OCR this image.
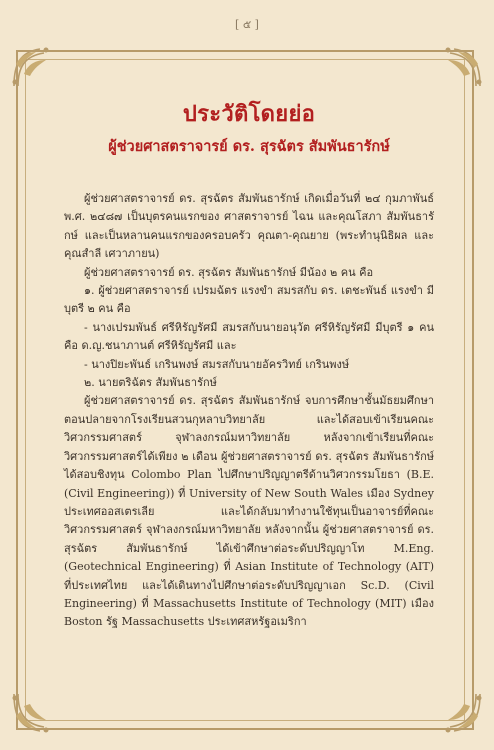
[ ๕ ]
ประวัติโดยย่อ
ผู้ช่วยศาสตราจารย์ ดร. สุรฉัตร สัมพันธารักษ์

ผู้ช่วยศาสตราจารย์ ดร. สุรฉัตร สัมพันธารักษ์ เกิดเมื่อวันที่ ๒๔ กุมภาพันธ์ พ.ศ. ๒๔๘๗ เป็นบุตรคนแรกของ ศาสตราจารย์ ไฉน และคุณโสภา สัมพันธารักษ์ และเป็นหลานคนแรกของครอบครัว คุณตา-คุณยาย (พระทำนุนิธิผล และคุณสำลี เศวาภายน)

ผู้ช่วยศาสตราจารย์ ดร. สุรฉัตร สัมพันธารักษ์ มีน้อง ๒ คน คือ

๑. ผู้ช่วยศาสตราจารย์ เปรมฉัตร แรงขำ สมรสกับ ดร. เตชะพันธ์ แรงขำ มีบุตรี ๒ คน คือ

- นางเปรมพันธ์ ศรีหิรัญรัศมี สมรสกับนายอนุวัต ศรีหิรัญรัศมี มีบุตรี ๑ คน คือ ด.ญ.ชนาภานต์ ศรีหิรัญรัศมี และ

- นางปิยะพันธ์ เกรินพงษ์ สมรสกับนายอัครวิทย์ เกรินพงษ์

๒. นายตริฉัตร สัมพันธารักษ์

ผู้ช่วยศาสตราจารย์ ดร. สุรฉัตร สัมพันธารักษ์ จบการศึกษาชั้นมัธยมศึกษาตอนปลายจากโรงเรียนสวนกุหลาบวิทยาลัย และได้สอบเข้าเรียนคณะวิศวกรรมศาสตร์ จุฬาลงกรณ์มหาวิทยาลัย หลังจากเข้าเรียนที่คณะวิศวกรรมศาสตร์ได้เพียง ๒ เดือน ผู้ช่วยศาสตราจารย์ ดร. สุรฉัตร สัมพันธารักษ์ ได้สอบชิงทุน Colombo Plan ไปศึกษาปริญญาตรีด้านวิศวกรรมโยธา (B.E. (Civil Engineering)) ที่ University of New South Wales เมือง Sydney ประเทศออสเตรเลีย และได้กลับมาทำงานใช้ทุนเป็นอาจารย์ที่คณะวิศวกรรมศาสตร์ จุฬาลงกรณ์มหาวิทยาลัย หลังจากนั้น ผู้ช่วยศาสตราจารย์ ดร. สุรฉัตร สัมพันธารักษ์ ได้เข้าศึกษาต่อระดับปริญญาโท M.Eng. (Geotechnical Engineering) ที่ Asian Institute of Technology (AIT) ที่ประเทศไทย และได้เดินทางไปศึกษาต่อระดับปริญญาเอก Sc.D. (Civil Engineering) ที่ Massachusetts Institute of Technology (MIT) เมือง Boston รัฐ Massachusetts ประเทศสหรัฐอเมริกา
